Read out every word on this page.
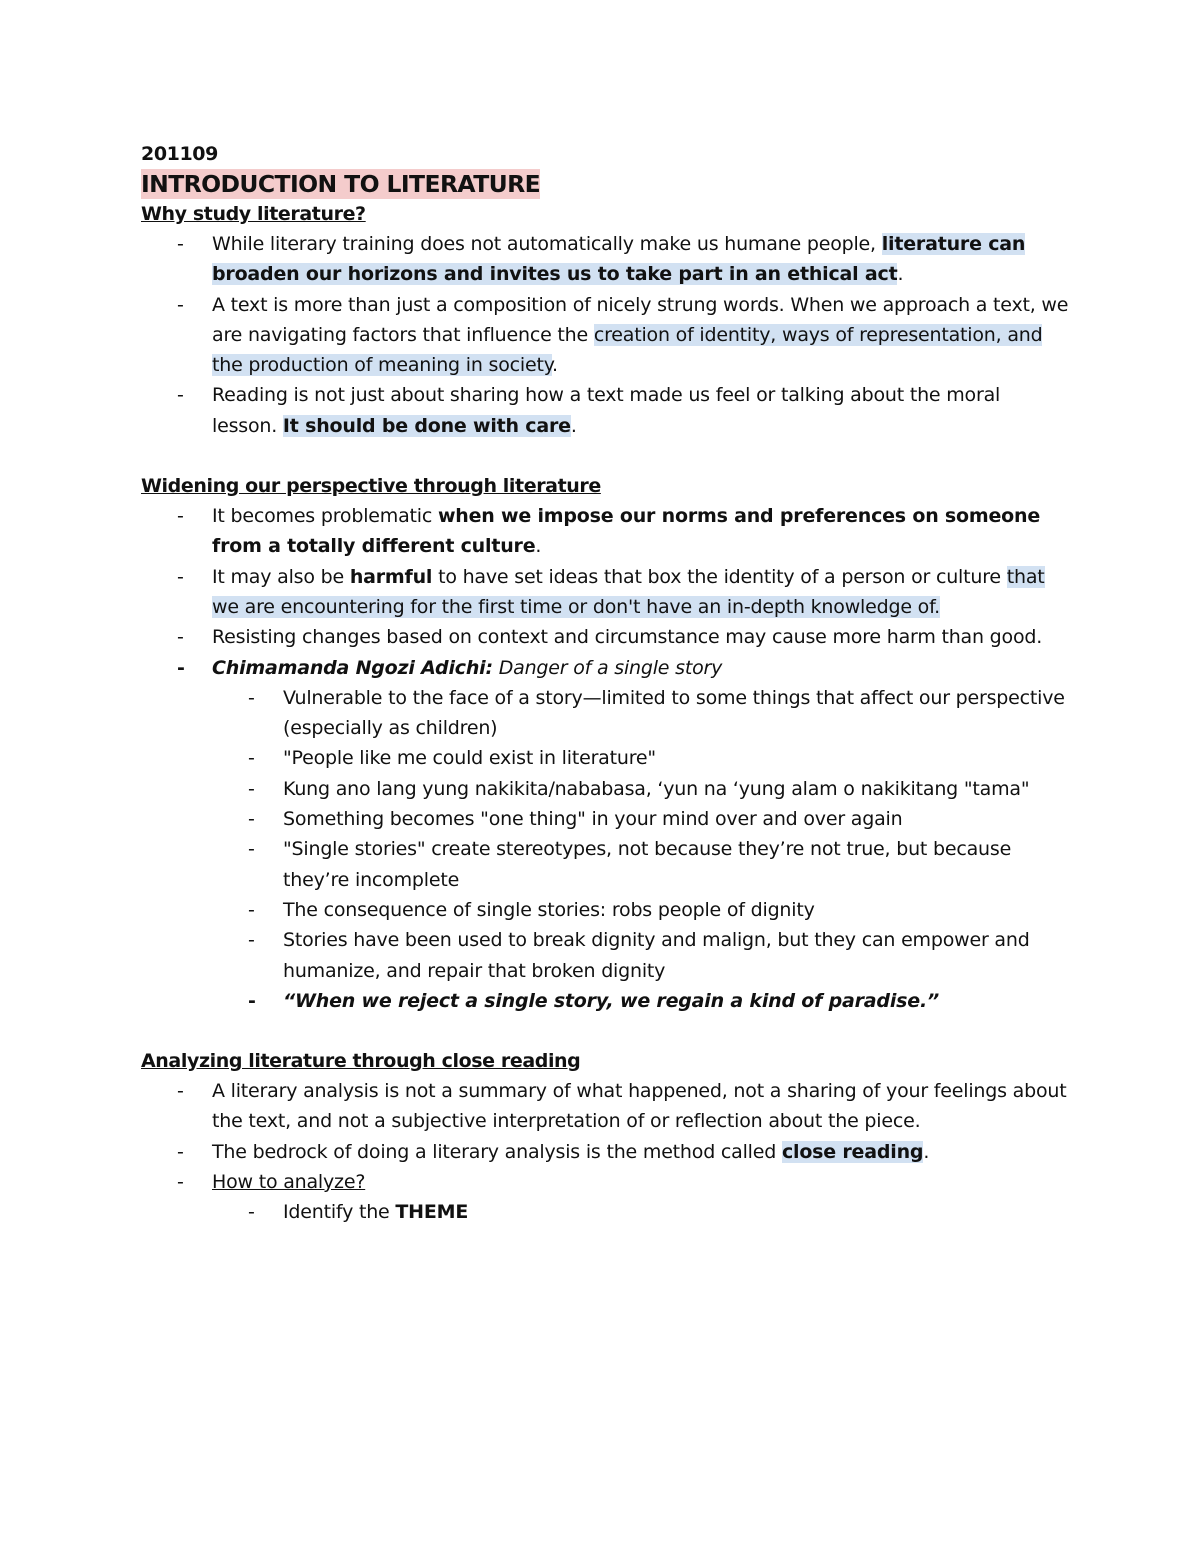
201109
INTRODUCTION TO LITERATURE
Why study literature?
- While literary training does not automatically make us humane people, literature can broaden our horizons and invites us to take part in an ethical act.
- A text is more than just a composition of nicely strung words. When we approach a text, we are navigating factors that influence the creation of identity, ways of representation, and the production of meaning in society.
- Reading is not just about sharing how a text made us feel or talking about the moral lesson. It should be done with care.
Widening our perspective through literature
- It becomes problematic when we impose our norms and preferences on someone from a totally different culture.
- It may also be harmful to have set ideas that box the identity of a person or culture that we are encountering for the first time or don't have an in-depth knowledge of.
- Resisting changes based on context and circumstance may cause more harm than good.
- Chimamanda Ngozi Adichi: Danger of a single story
- Vulnerable to the face of a story—limited to some things that affect our perspective (especially as children)
- "People like me could exist in literature"
- Kung ano lang yung nakikita/nababasa, ‘yun na ‘yung alam o nakikitang "tama"
- Something becomes "one thing" in your mind over and over again
- "Single stories" create stereotypes, not because they’re not true, but because they’re incomplete
- The consequence of single stories: robs people of dignity
- Stories have been used to break dignity and malign, but they can empower and humanize, and repair that broken dignity
- “When we reject a single story, we regain a kind of paradise.”
Analyzing literature through close reading
- A literary analysis is not a summary of what happened, not a sharing of your feelings about the text, and not a subjective interpretation of or reflection about the piece.
- The bedrock of doing a literary analysis is the method called close reading.
- How to analyze?
- Identify the THEME
